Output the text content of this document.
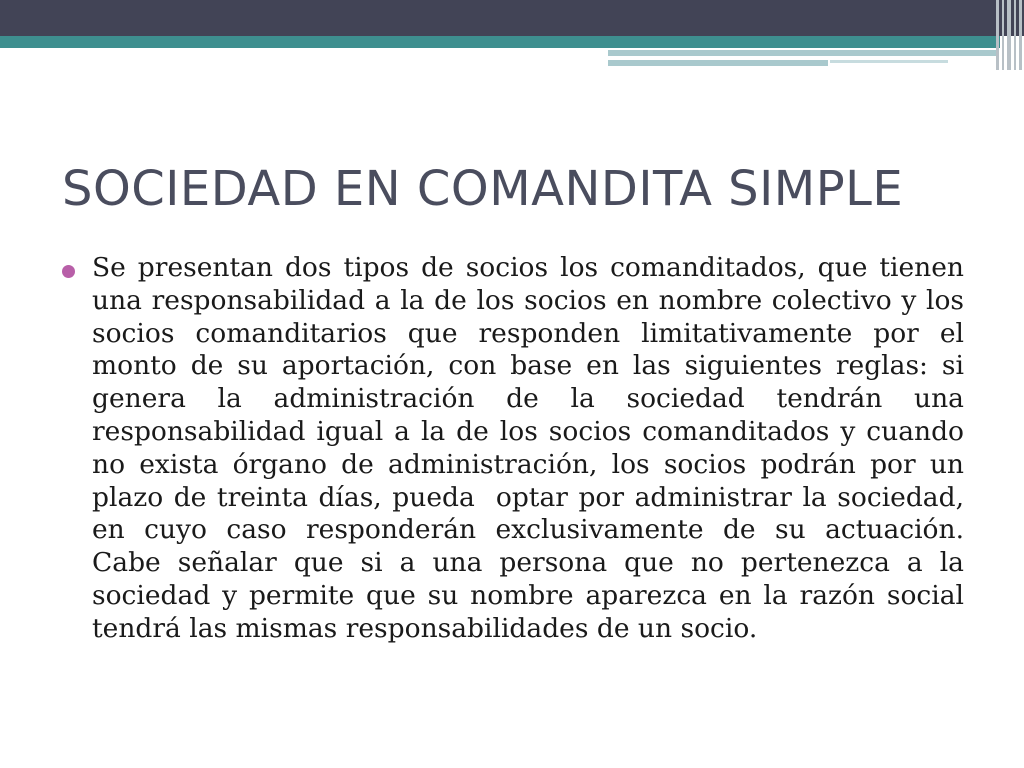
SOCIEDAD EN COMANDITA SIMPLE

Se presentan dos tipos de socios los comanditados, que tienen una responsabilidad a la de los socios en nombre colectivo y los socios comanditarios que responden limitativamente por el monto de su aportación, con base en las siguientes reglas: si genera la administración de la sociedad tendrán una responsabilidad igual a la de los socios comanditados y cuando no exista órgano de administración, los socios podrán por un plazo de treinta días, pueda  optar por administrar la sociedad, en cuyo caso responderán exclusivamente de su actuación. Cabe señalar que si a una persona que no pertenezca a la sociedad y permite que su nombre aparezca en la razón social tendrá las mismas responsabilidades de un socio.
